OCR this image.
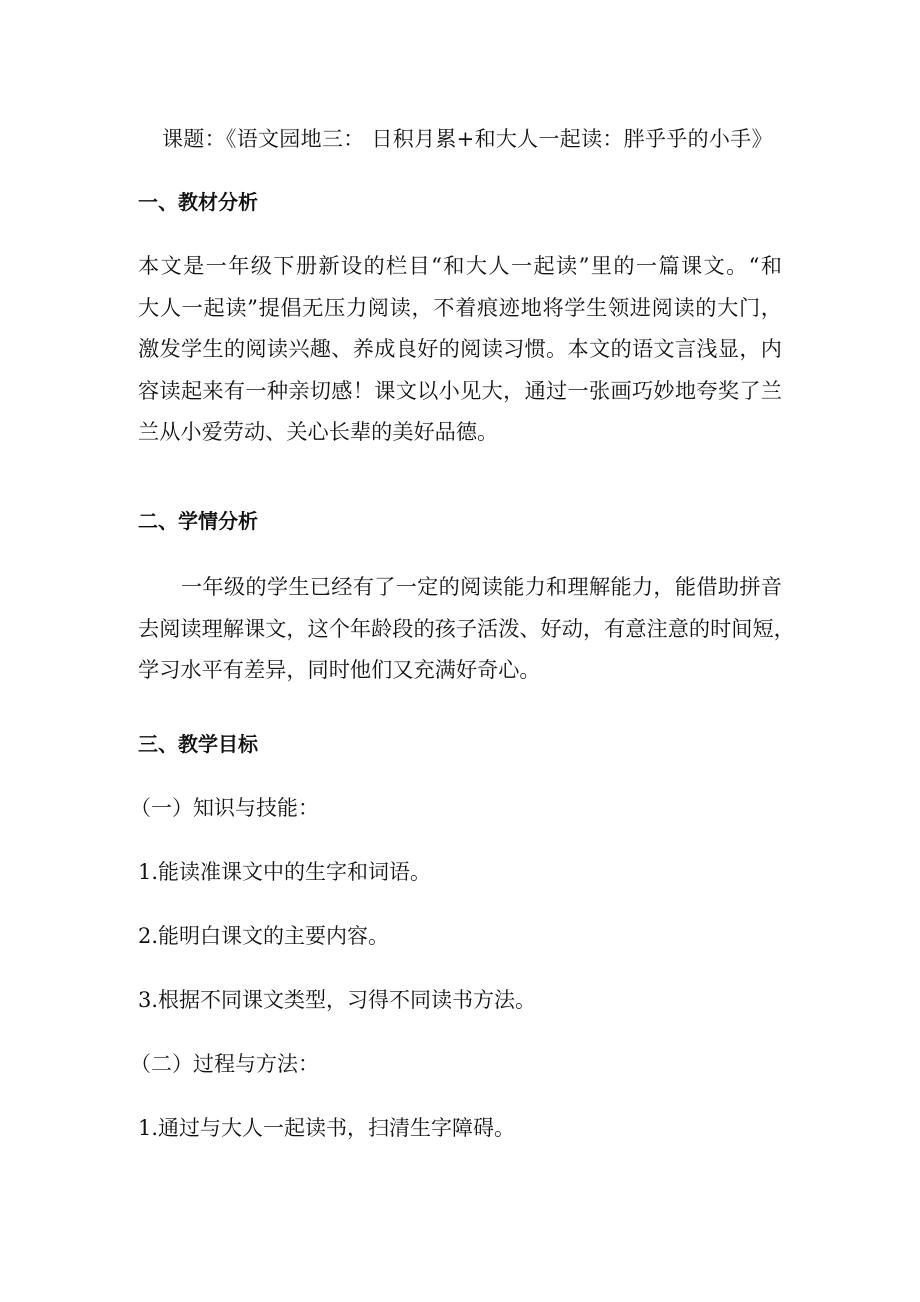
课题：《语文园地三： 日积月累+和大人一起读：胖乎乎的小手》
一、教材分析
本文是一年级下册新设的栏目“和大人一起读”里的一篇课文。“和
大人一起读”提倡无压力阅读，不着痕迹地将学生领进阅读的大门，
激发学生的阅读兴趣、养成良好的阅读习惯。本文的语文言浅显，内
容读起来有一种亲切感！课文以小见大，通过一张画巧妙地夸奖了兰
兰从小爱劳动、关心长辈的美好品德。
二、学情分析
　　一年级的学生已经有了一定的阅读能力和理解能力，能借助拼音
去阅读理解课文，这个年龄段的孩子活泼、好动，有意注意的时间短，
学习水平有差异，同时他们又充满好奇心。
三、教学目标
（一）知识与技能：
1.能读准课文中的生字和词语。
2.能明白课文的主要内容。
3.根据不同课文类型，习得不同读书方法。
（二）过程与方法：
1.通过与大人一起读书，扫清生字障碍。
